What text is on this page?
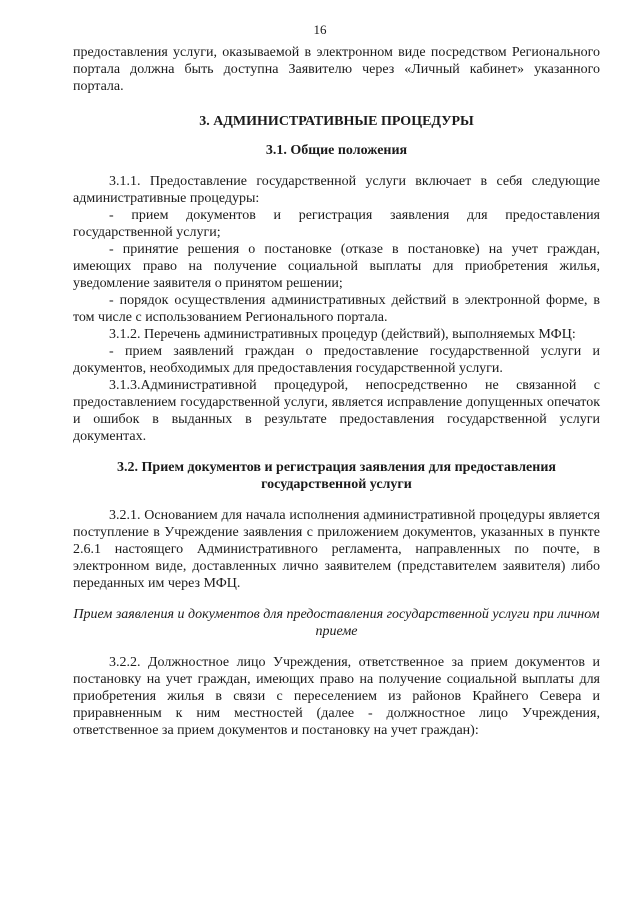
16

предоставления услуги, оказываемой в электронном виде посредством Регионального портала должна быть доступна Заявителю через «Личный кабинет» указанного портала.

3. АДМИНИСТРАТИВНЫЕ ПРОЦЕДУРЫ

3.1. Общие положения

3.1.1. Предоставление государственной услуги включает в себя следующие административные процедуры:

- прием документов и регистрация заявления для предоставления государственной услуги;

- принятие решения о постановке (отказе в постановке) на учет граждан, имеющих право на получение социальной выплаты для приобретения жилья, уведомление заявителя о принятом решении;

- порядок осуществления административных действий в электронной форме, в том числе с использованием Регионального портала.

3.1.2. Перечень административных процедур (действий), выполняемых МФЦ:

- прием заявлений граждан о предоставление государственной услуги и документов, необходимых для предоставления государственной услуги.

3.1.3.Административной процедурой, непосредственно не связанной с предоставлением государственной услуги, является исправление допущенных опечаток и ошибок в выданных в результате предоставления государственной услуги документах.

3.2. Прием документов и регистрация заявления для предоставления государственной услуги

3.2.1. Основанием для начала исполнения административной процедуры является поступление в Учреждение заявления с приложением документов, указанных в пункте 2.6.1 настоящего Административного регламента, направленных по почте, в электронном виде, доставленных лично заявителем (представителем заявителя) либо переданных им через МФЦ.

Прием заявления и документов для предоставления государственной услуги при личном приеме

3.2.2. Должностное лицо Учреждения, ответственное за прием документов и постановку на учет граждан, имеющих право на получение социальной выплаты для приобретения жилья в связи с переселением из районов Крайнего Севера и приравненным к ним местностей (далее - должностное лицо Учреждения, ответственное за прием документов и постановку на учет граждан):
